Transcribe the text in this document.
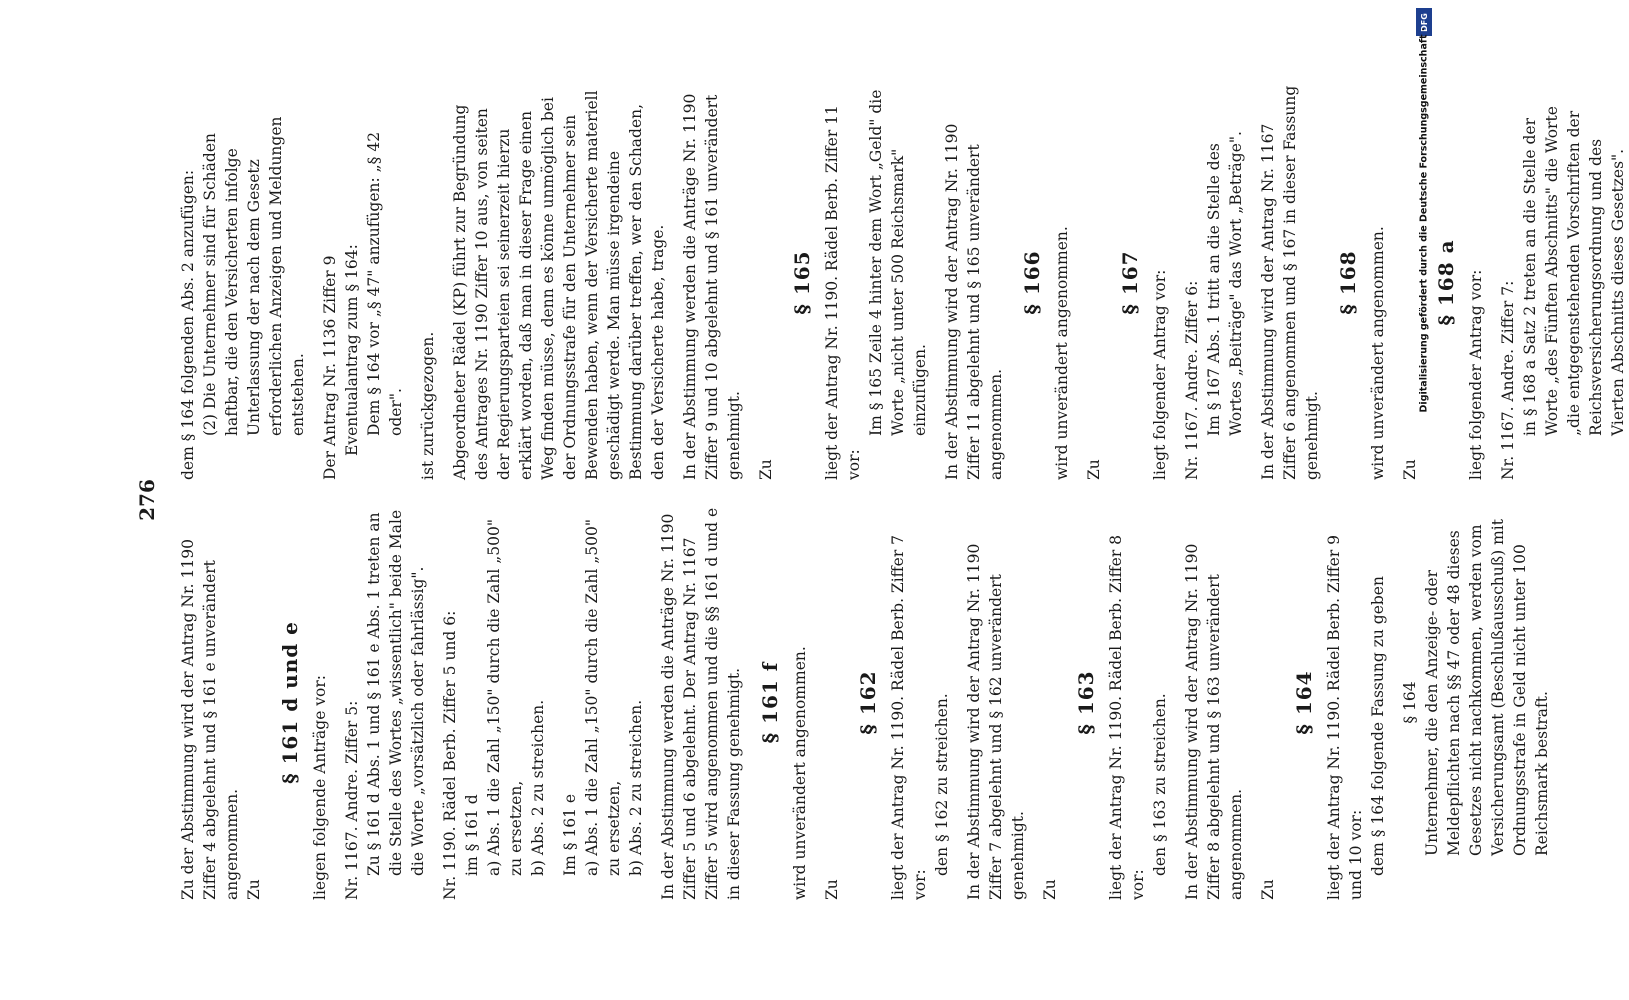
276

Zu der Abstimmung wird der Antrag Nr. 1190 Ziffer 4 abgelehnt und § 161 e unverändert angenommen. Zu

§ 161 d und e liegen folgende Anträge vor: Nr. 1167. Andre. Ziffer 5: Zu § 161 d Abs. 1 und § 161 e Abs. 1 treten an die Stelle des Wortes „wissentlich" beide Male die Worte „vorsätzlich oder fahrlässig". Nr. 1190. Rädel Berb. Ziffer 5 und 6: im § 161 d a) Abs. 1 die Zahl „150" durch die Zahl „500" zu ersetzen, b) Abs. 2 zu streichen. Im § 161 e a) Abs. 1 die Zahl „150" durch die Zahl „500" zu ersetzen, b) Abs. 2 zu streichen. In der Abstimmung werden die Anträge Nr. 1190 Ziffer 5 und 6 abgelehnt. Der Antrag Nr. 1167 Ziffer 5 wird angenommen und die §§ 161 d und e in dieser Fassung genehmigt. § 161 f wird unverändert angenommen. Zu

§ 162 liegt der Antrag Nr. 1190. Rädel Berb. Ziffer 7 vor:

den § 162 zu streichen. In der Abstimmung wird der Antrag Nr. 1190 Ziffer 7 abgelehnt und § 162 unverändert genehmigt. Zu

§ 163 liegt der Antrag Nr. 1190. Rädel Berb. Ziffer 8 vor:

den § 163 zu streichen. In der Abstimmung wird der Antrag Nr. 1190 Ziffer 8 abgelehnt und § 163 unverändert angenommen. Zu

§ 164 liegt der Antrag Nr. 1190. Rädel Berb. Ziffer 9 und 10 vor: dem § 164 folgende Fassung zu geben § 164 Unternehmer, die den Anzeige- oder Meldepflichten nach §§ 47 oder 48 dieses Gesetzes nicht nachkommen, werden vom Versicherungsamt (Beschlußausschuß) mit Ordnungsstrafe in Geld nicht unter 100 Reichsmark bestraft.

dem § 164 folgenden Abs. 2 anzufügen: (2) Die Unternehmer sind für Schäden haftbar, die den Versicherten infolge Unterlassung der nach dem Gesetz erforderlichen Anzeigen und Meldungen entstehen. Der Antrag Nr. 1136 Ziffer 9 Eventualantrag zum § 164: Dem § 164 vor „§ 47" anzufügen: „§ 42 oder". ist zurückgezogen. Abgeordneter Rädel (KP) führt zur Begründung des Antrages Nr. 1190 Ziffer 10 aus, von seiten der Regierungsparteien sei seinerzeit hierzu erklärt worden, daß man in dieser Frage einen Weg finden müsse, denn es könne unmöglich bei der Ordnungsstrafe für den Unternehmer sein Bewenden haben, wenn der Versicherte materiell geschädigt werde. Man müsse irgendeine Bestimmung darüber treffen, wer den Schaden, den der Versicherte habe, trage. In der Abstimmung werden die Anträge Nr. 1190 Ziffer 9 und 10 abgelehnt und § 161 unverändert genehmigt. Zu

§ 165 liegt der Antrag Nr. 1190. Rädel Berb. Ziffer 11 vor:

Im § 165 Zeile 4 hinter dem Wort „Geld" die Worte „nicht unter 500 Reichsmark" einzufügen. In der Abstimmung wird der Antrag Nr. 1190 Ziffer 11 abgelehnt und § 165 unverändert angenommen.

§ 166 wird unverändert angenommen. Zu

§ 167 liegt folgender Antrag vor: Nr. 1167. Andre. Ziffer 6: Im § 167 Abs. 1 tritt an die Stelle des Wortes „Beiträge" das Wort „Beträge". In der Abstimmung wird der Antrag Nr. 1167 Ziffer 6 angenommen und § 167 in dieser Fassung genehmigt.

§ 168 wird unverändert angenommen. Zu

§ 168 a liegt folgender Antrag vor: Nr. 1167. Andre. Ziffer 7: in § 168 a Satz 2 treten an die Stelle der Worte „des Fünften Abschnitts" die Worte „die entgegenstehenden Vorschriften der Reichsversicherungsordnung und des Vierten Abschnitts dieses Gesetzes".

DFG
Digitalisierung gefördert durch die Deutsche Forschungsgemeinschaft ·
